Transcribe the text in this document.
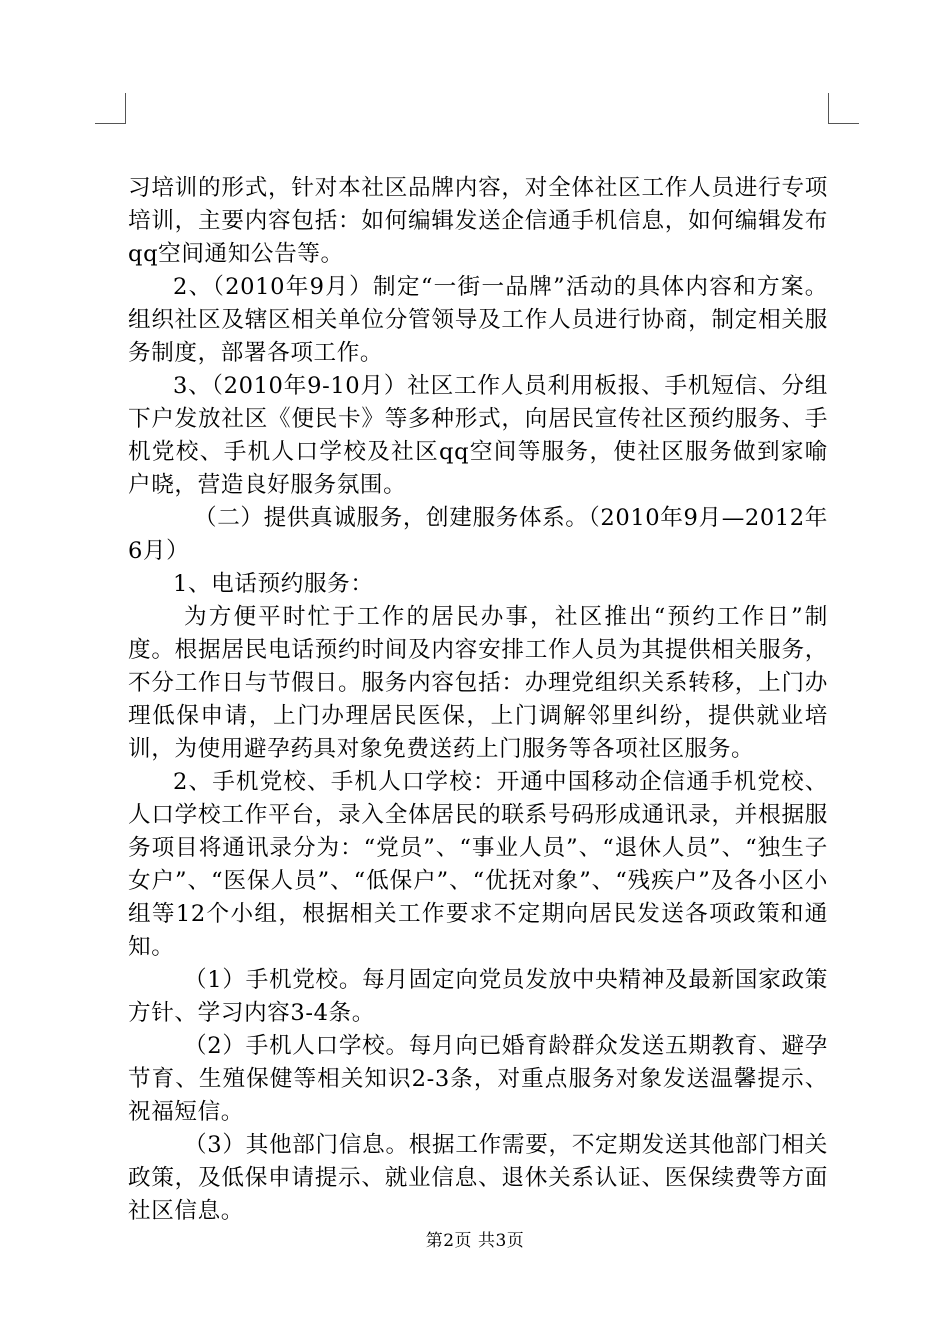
习培训的形式，针对本社区品牌内容，对全体社区工作人员进行专项培训，主要内容包括：如何编辑发送企信通手机信息，如何编辑发布qq空间通知公告等。

2、（2010年9月）制定“一街一品牌”活动的具体内容和方案。组织社区及辖区相关单位分管领导及工作人员进行协商，制定相关服务制度，部署各项工作。

3、（2010年9-10月）社区工作人员利用板报、手机短信、分组下户发放社区《便民卡》等多种形式，向居民宣传社区预约服务、手机党校、手机人口学校及社区qq空间等服务，使社区服务做到家喻户晓，营造良好服务氛围。

（二）提供真诚服务，创建服务体系。（2010年9月—2012年6月）

1、电话预约服务：

为方便平时忙于工作的居民办事，社区推出“预约工作日”制度。根据居民电话预约时间及内容安排工作人员为其提供相关服务，不分工作日与节假日。服务内容包括：办理党组织关系转移，上门办理低保申请，上门办理居民医保，上门调解邻里纠纷，提供就业培训，为使用避孕药具对象免费送药上门服务等各项社区服务。

2、手机党校、手机人口学校：开通中国移动企信通手机党校、人口学校工作平台，录入全体居民的联系号码形成通讯录，并根据服务项目将通讯录分为：“党员”、“事业人员”、“退休人员”、“独生子女户”、“医保人员”、“低保户”、“优抚对象”、“残疾户”及各小区小组等12个小组，根据相关工作要求不定期向居民发送各项政策和通知。

（1）手机党校。每月固定向党员发放中央精神及最新国家政策方针、学习内容3-4条。

（2）手机人口学校。每月向已婚育龄群众发送五期教育、避孕节育、生殖保健等相关知识2-3条，对重点服务对象发送温馨提示、祝福短信。

（3）其他部门信息。根据工作需要，不定期发送其他部门相关政策，及低保申请提示、就业信息、退休关系认证、医保续费等方面社区信息。

第2页 共3页
